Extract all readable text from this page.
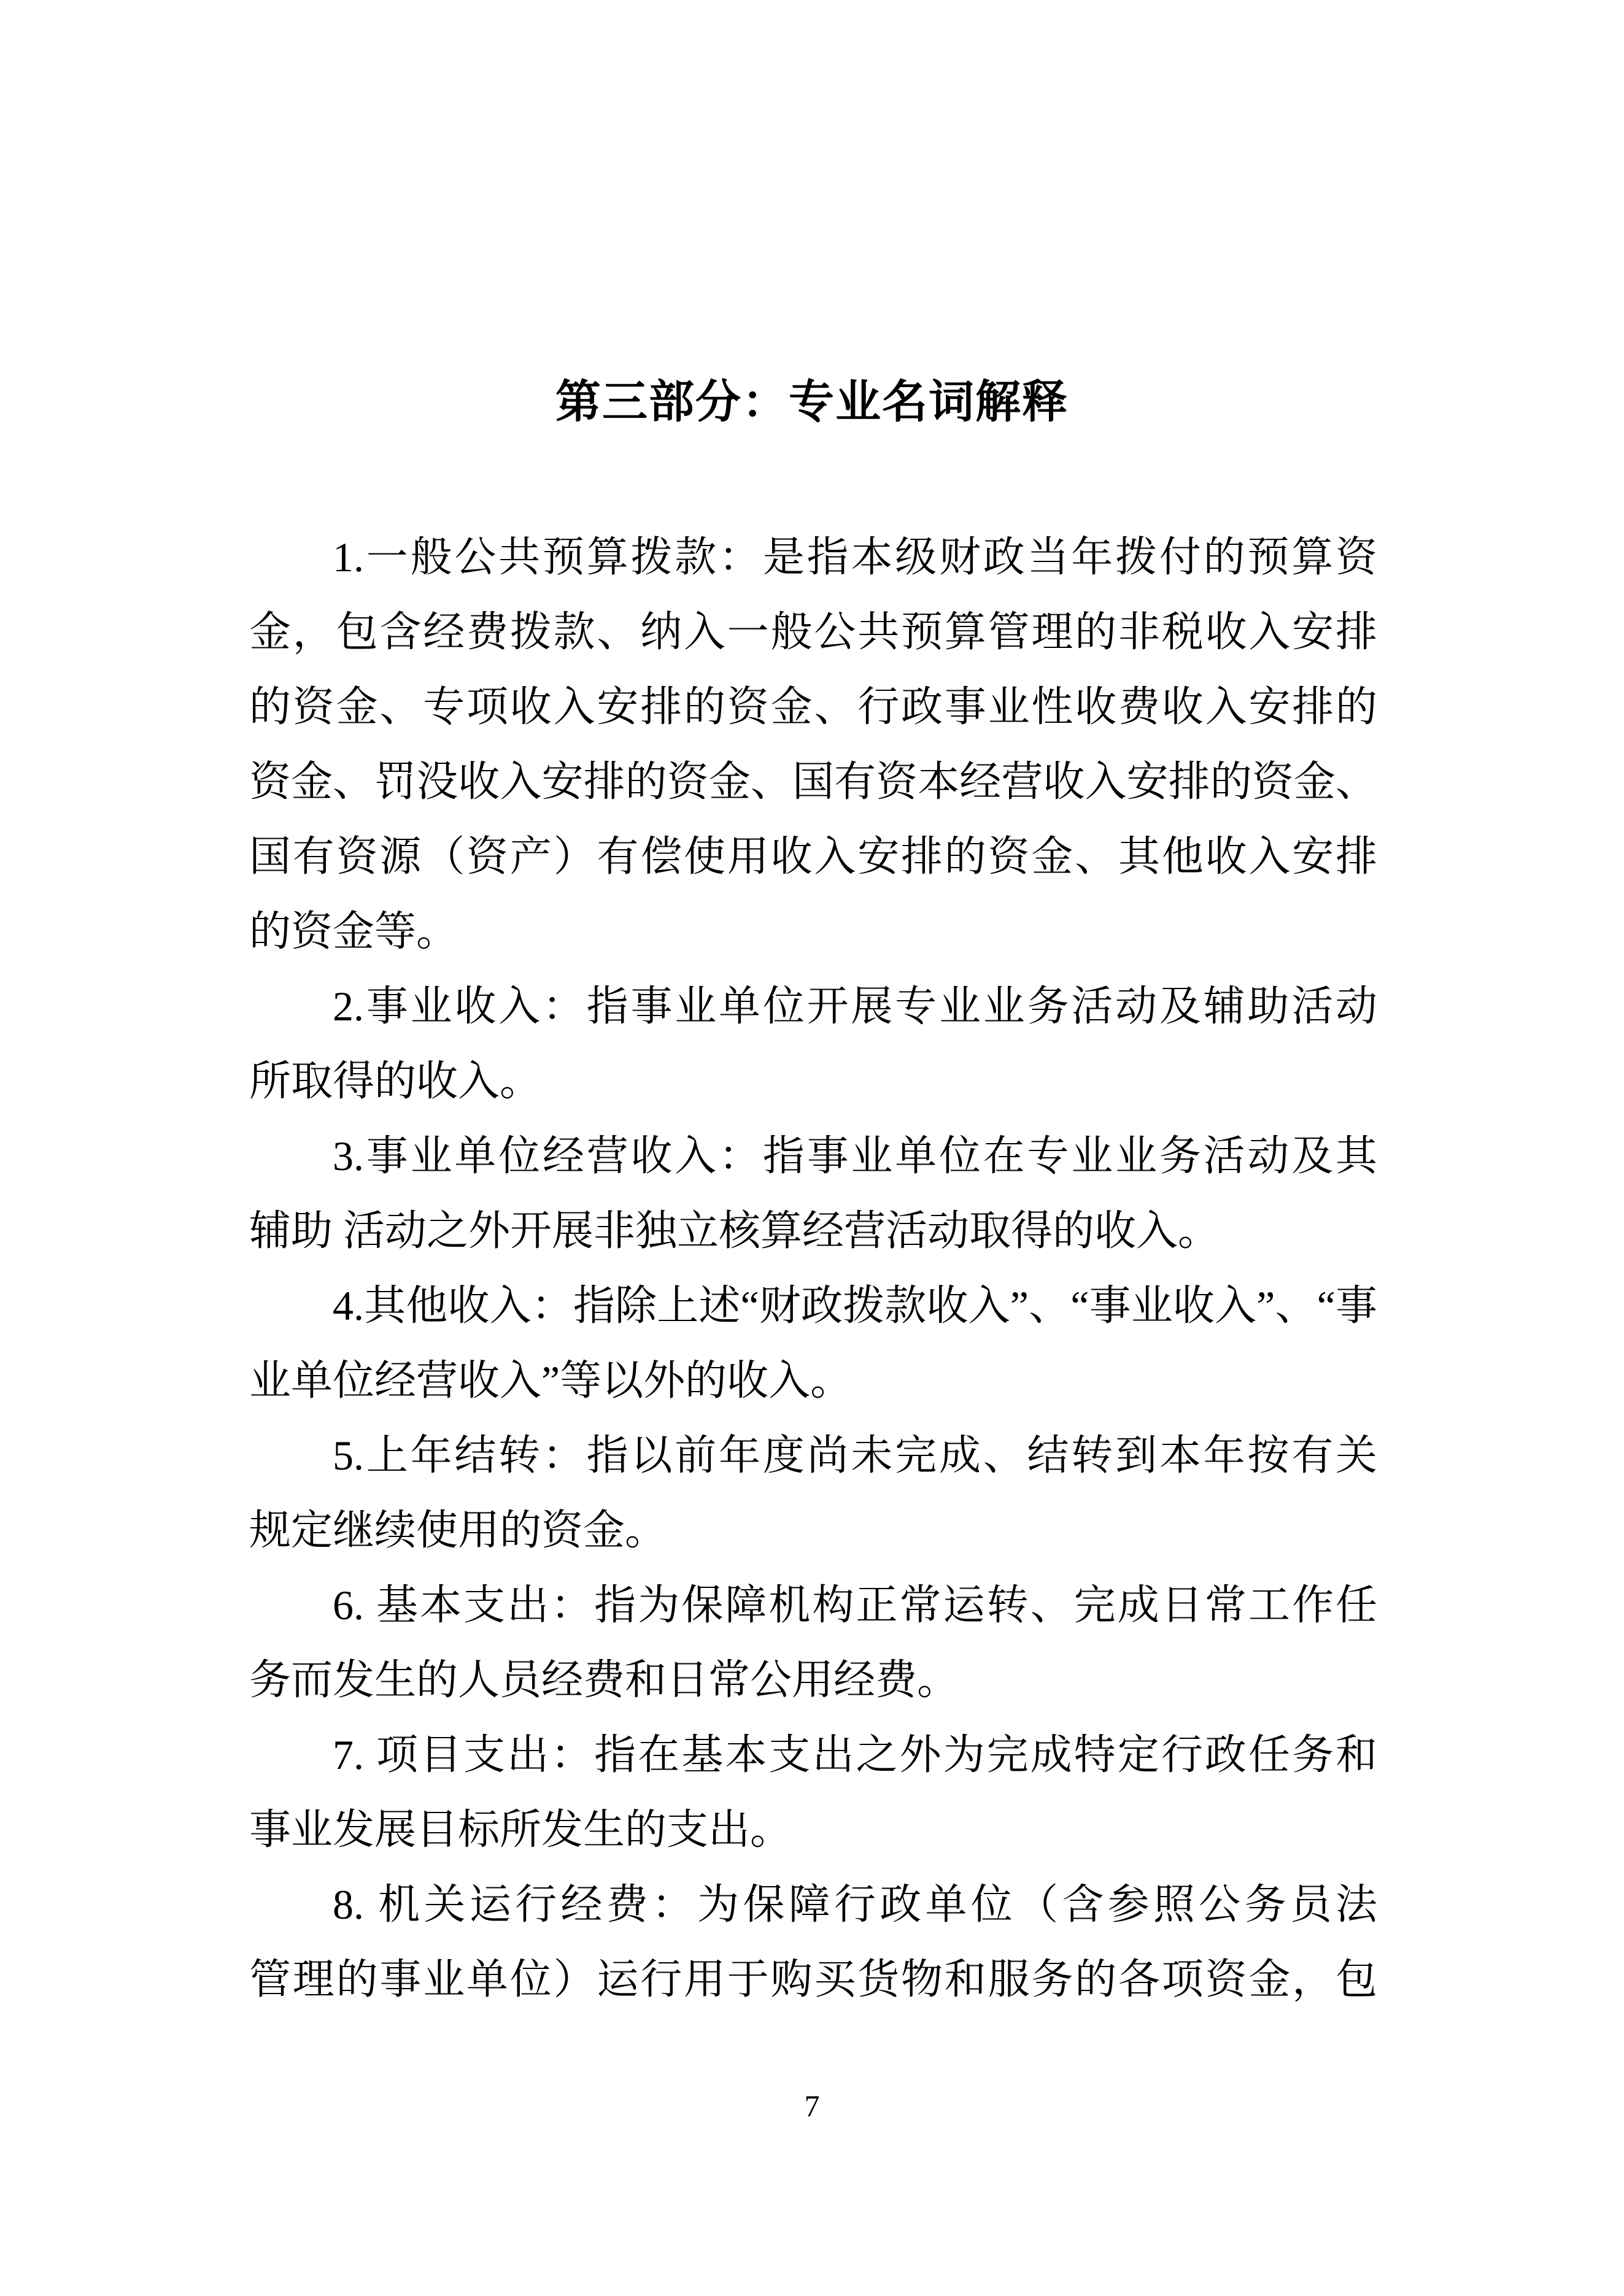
第三部分：专业名词解释
1.一般公共预算拨款：是指本级财政当年拨付的预算资
金，包含经费拨款、纳入一般公共预算管理的非税收入安排
的资金、专项收入安排的资金、行政事业性收费收入安排的
资金、罚没收入安排的资金、国有资本经营收入安排的资金、
国有资源（资产）有偿使用收入安排的资金、其他收入安排
的资金等。
2.事业收入：指事业单位开展专业业务活动及辅助活动
所取得的收入。
3.事业单位经营收入：指事业单位在专业业务活动及其
辅助 活动之外开展非独立核算经营活动取得的收入。
4.其他收入：指除上述“财政拨款收入”、“事业收入”、“事
业单位经营收入”等以外的收入。
5.上年结转：指以前年度尚未完成、结转到本年按有关
规定继续使用的资金。
6. 基本支出：指为保障机构正常运转、完成日常工作任
务而发生的人员经费和日常公用经费。
7. 项目支出：指在基本支出之外为完成特定行政任务和
事业发展目标所发生的支出。
8. 机关运行经费：为保障行政单位（含参照公务员法
管理的事业单位）运行用于购买货物和服务的各项资金，包
7
